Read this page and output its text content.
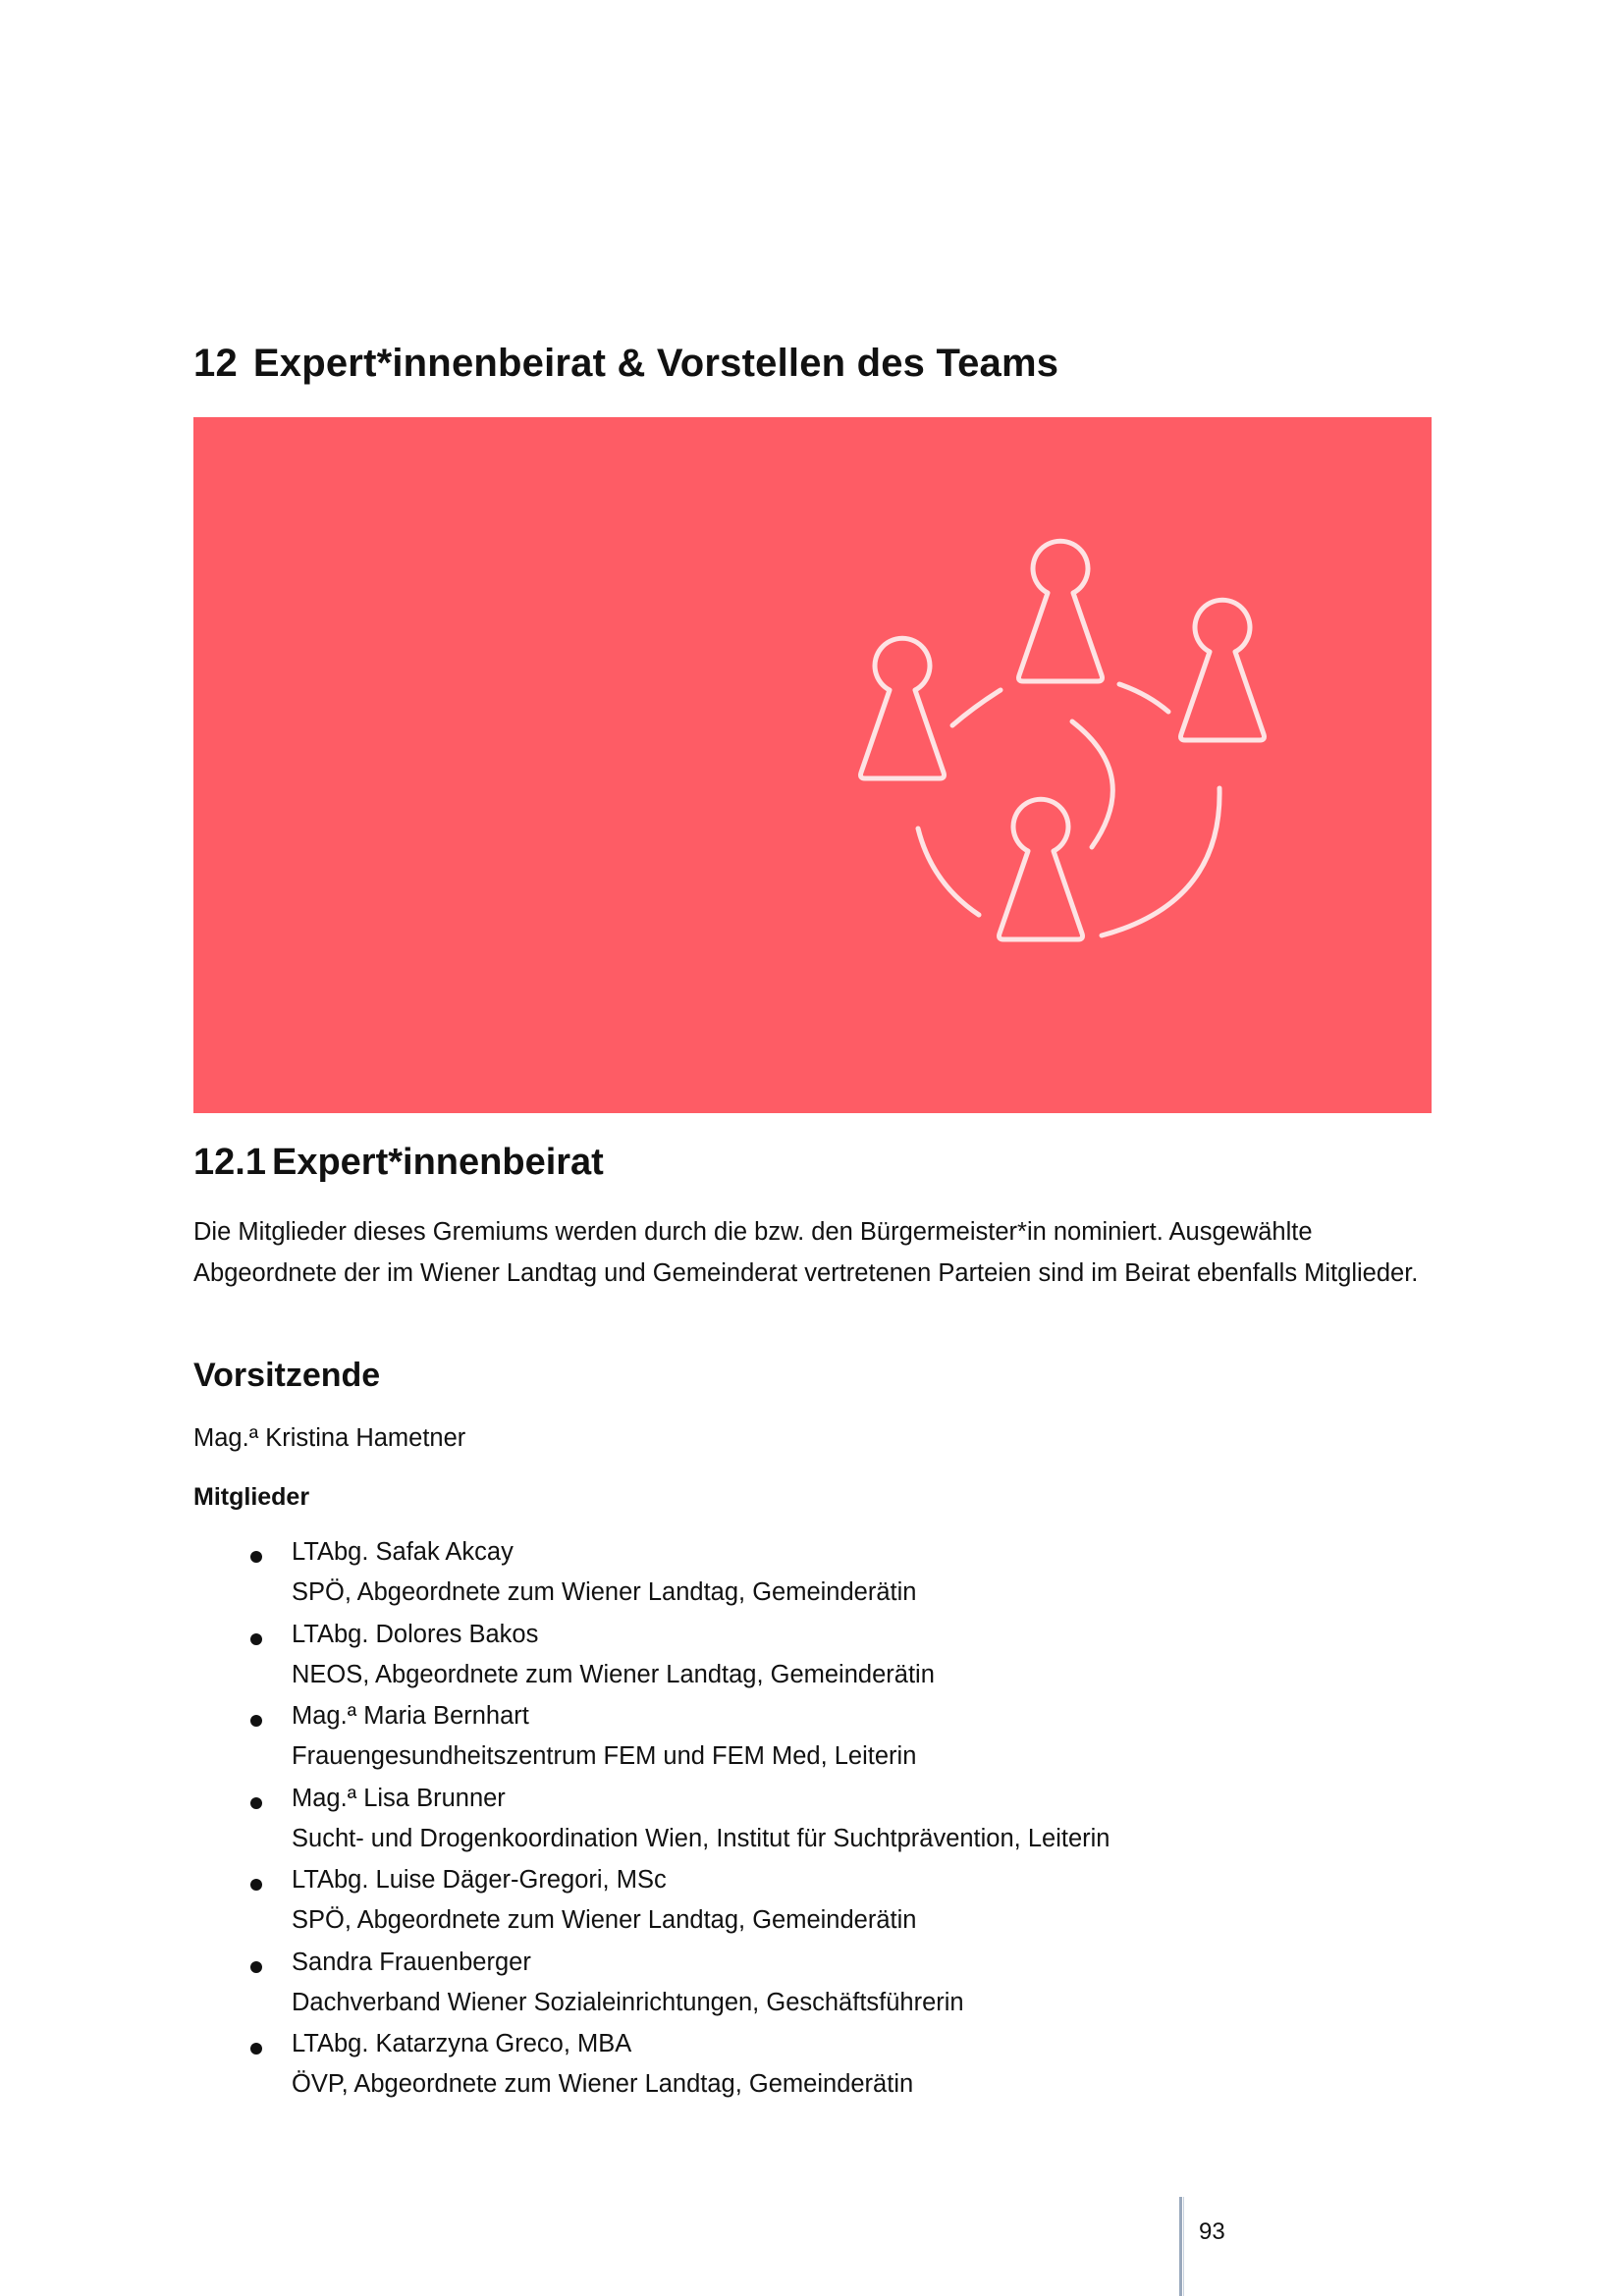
12 Expert*innenbeirat & Vorstellen des Teams
12.1 Expert*innenbeirat

Die Mitglieder dieses Gremiums werden durch die bzw. den Bürgermeister*in nominiert. Ausgewählte Abgeordnete der im Wiener Landtag und Gemeinderat vertretenen Parteien sind im Beirat ebenfalls Mitglieder.

Vorsitzende
Mag.ª Kristina Hametner
Mitglieder
LTAbg. Safak Akcay
SPÖ, Abgeordnete zum Wiener Landtag, Gemeinderätin
LTAbg. Dolores Bakos
NEOS, Abgeordnete zum Wiener Landtag, Gemeinderätin
Mag.ª Maria Bernhart
Frauengesundheitszentrum FEM und FEM Med, Leiterin
Mag.ª Lisa Brunner
Sucht- und Drogenkoordination Wien, Institut für Suchtprävention, Leiterin
LTAbg. Luise Däger-Gregori, MSc
SPÖ, Abgeordnete zum Wiener Landtag, Gemeinderätin
Sandra Frauenberger
Dachverband Wiener Sozialeinrichtungen, Geschäftsführerin
LTAbg. Katarzyna Greco, MBA
ÖVP, Abgeordnete zum Wiener Landtag, Gemeinderätin
93
